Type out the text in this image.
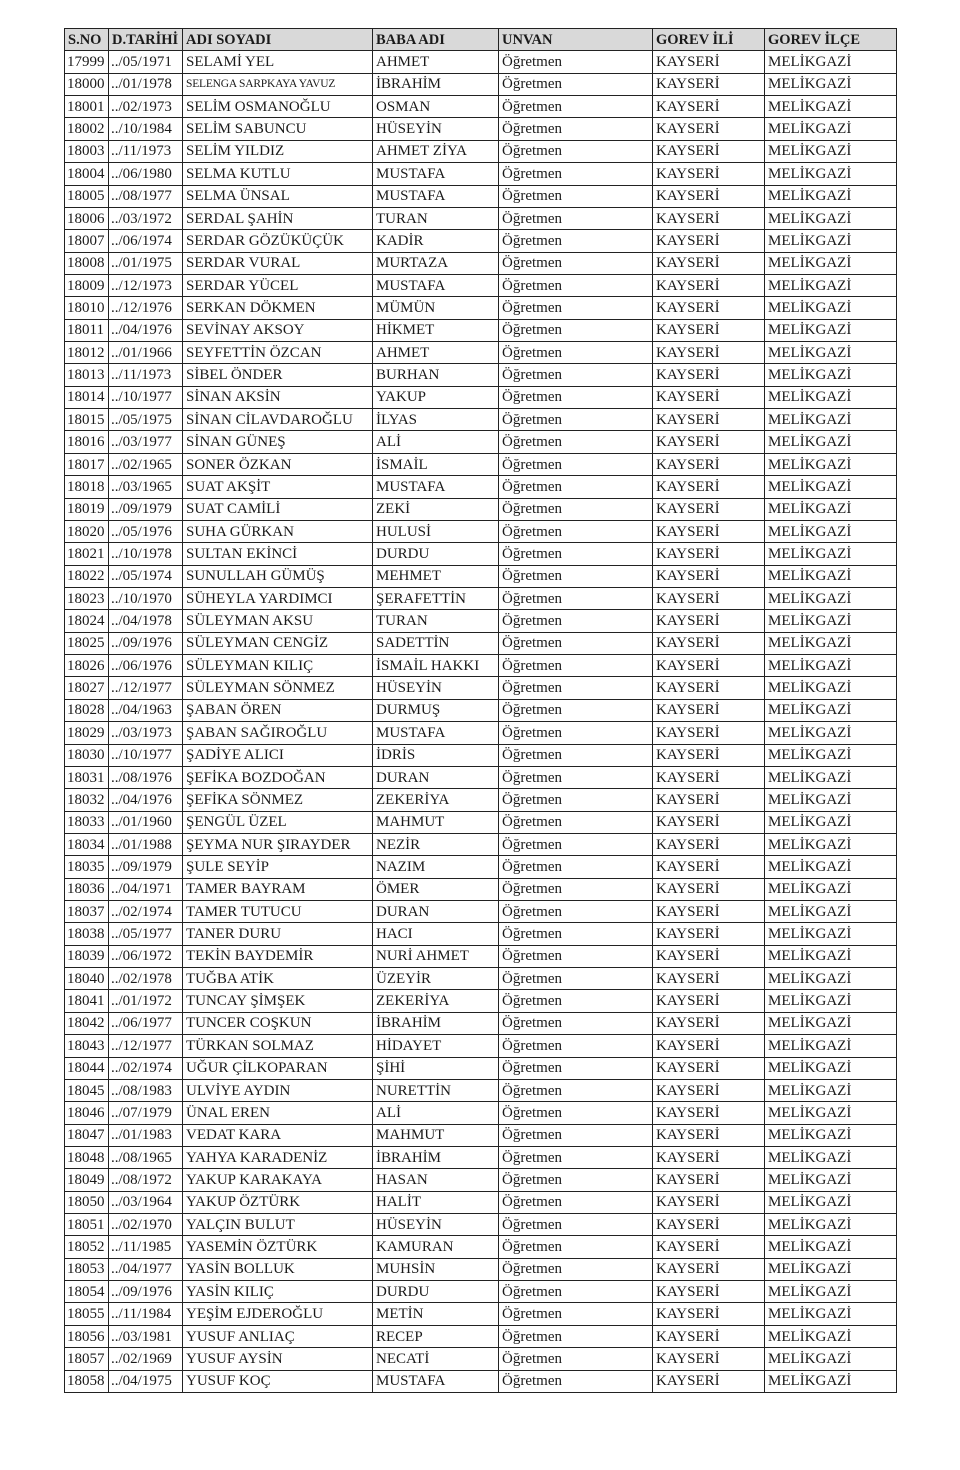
S.NO	D.TARİHİ	ADI SOYADI	BABA ADI	UNVAN	GOREV İLİ	GOREV İLÇE
17999	../05/1971	SELAMİ YEL	AHMET	Öğretmen	KAYSERİ	MELİKGAZİ
18000	../01/1978	SELENGA SARPKAYA YAVUZ	İBRAHİM	Öğretmen	KAYSERİ	MELİKGAZİ
18001	../02/1973	SELİM OSMANOĞLU	OSMAN	Öğretmen	KAYSERİ	MELİKGAZİ
18002	../10/1984	SELİM SABUNCU	HÜSEYİN	Öğretmen	KAYSERİ	MELİKGAZİ
18003	../11/1973	SELİM YILDIZ	AHMET ZİYA	Öğretmen	KAYSERİ	MELİKGAZİ
18004	../06/1980	SELMA KUTLU	MUSTAFA	Öğretmen	KAYSERİ	MELİKGAZİ
18005	../08/1977	SELMA ÜNSAL	MUSTAFA	Öğretmen	KAYSERİ	MELİKGAZİ
18006	../03/1972	SERDAL ŞAHİN	TURAN	Öğretmen	KAYSERİ	MELİKGAZİ
18007	../06/1974	SERDAR GÖZÜKÜÇÜK	KADİR	Öğretmen	KAYSERİ	MELİKGAZİ
18008	../01/1975	SERDAR VURAL	MURTAZA	Öğretmen	KAYSERİ	MELİKGAZİ
18009	../12/1973	SERDAR YÜCEL	MUSTAFA	Öğretmen	KAYSERİ	MELİKGAZİ
18010	../12/1976	SERKAN DÖKMEN	MÜMÜN	Öğretmen	KAYSERİ	MELİKGAZİ
18011	../04/1976	SEVİNAY AKSOY	HİKMET	Öğretmen	KAYSERİ	MELİKGAZİ
18012	../01/1966	SEYFETTİN ÖZCAN	AHMET	Öğretmen	KAYSERİ	MELİKGAZİ
18013	../11/1973	SİBEL ÖNDER	BURHAN	Öğretmen	KAYSERİ	MELİKGAZİ
18014	../10/1977	SİNAN AKSİN	YAKUP	Öğretmen	KAYSERİ	MELİKGAZİ
18015	../05/1975	SİNAN CİLAVDAROĞLU	İLYAS	Öğretmen	KAYSERİ	MELİKGAZİ
18016	../03/1977	SİNAN GÜNEŞ	ALİ	Öğretmen	KAYSERİ	MELİKGAZİ
18017	../02/1965	SONER ÖZKAN	İSMAİL	Öğretmen	KAYSERİ	MELİKGAZİ
18018	../03/1965	SUAT AKŞİT	MUSTAFA	Öğretmen	KAYSERİ	MELİKGAZİ
18019	../09/1979	SUAT CAMİLİ	ZEKİ	Öğretmen	KAYSERİ	MELİKGAZİ
18020	../05/1976	SUHA GÜRKAN	HULUSİ	Öğretmen	KAYSERİ	MELİKGAZİ
18021	../10/1978	SULTAN EKİNCİ	DURDU	Öğretmen	KAYSERİ	MELİKGAZİ
18022	../05/1974	SUNULLAH GÜMÜŞ	MEHMET	Öğretmen	KAYSERİ	MELİKGAZİ
18023	../10/1970	SÜHEYLA YARDIMCI	ŞERAFETTİN	Öğretmen	KAYSERİ	MELİKGAZİ
18024	../04/1978	SÜLEYMAN AKSU	TURAN	Öğretmen	KAYSERİ	MELİKGAZİ
18025	../09/1976	SÜLEYMAN CENGİZ	SADETTİN	Öğretmen	KAYSERİ	MELİKGAZİ
18026	../06/1976	SÜLEYMAN KILIÇ	İSMAİL HAKKI	Öğretmen	KAYSERİ	MELİKGAZİ
18027	../12/1977	SÜLEYMAN SÖNMEZ	HÜSEYİN	Öğretmen	KAYSERİ	MELİKGAZİ
18028	../04/1963	ŞABAN ÖREN	DURMUŞ	Öğretmen	KAYSERİ	MELİKGAZİ
18029	../03/1973	ŞABAN SAĞIROĞLU	MUSTAFA	Öğretmen	KAYSERİ	MELİKGAZİ
18030	../10/1977	ŞADİYE ALICI	İDRİS	Öğretmen	KAYSERİ	MELİKGAZİ
18031	../08/1976	ŞEFİKA BOZDOĞAN	DURAN	Öğretmen	KAYSERİ	MELİKGAZİ
18032	../04/1976	ŞEFİKA SÖNMEZ	ZEKERİYA	Öğretmen	KAYSERİ	MELİKGAZİ
18033	../01/1960	ŞENGÜL ÜZEL	MAHMUT	Öğretmen	KAYSERİ	MELİKGAZİ
18034	../01/1988	ŞEYMA NUR ŞIRAYDER	NEZİR	Öğretmen	KAYSERİ	MELİKGAZİ
18035	../09/1979	ŞULE SEYİP	NAZIM	Öğretmen	KAYSERİ	MELİKGAZİ
18036	../04/1971	TAMER BAYRAM	ÖMER	Öğretmen	KAYSERİ	MELİKGAZİ
18037	../02/1974	TAMER TUTUCU	DURAN	Öğretmen	KAYSERİ	MELİKGAZİ
18038	../05/1977	TANER DURU	HACI	Öğretmen	KAYSERİ	MELİKGAZİ
18039	../06/1972	TEKİN BAYDEMİR	NURİ AHMET	Öğretmen	KAYSERİ	MELİKGAZİ
18040	../02/1978	TUĞBA ATİK	ÜZEYİR	Öğretmen	KAYSERİ	MELİKGAZİ
18041	../01/1972	TUNCAY ŞİMŞEK	ZEKERİYA	Öğretmen	KAYSERİ	MELİKGAZİ
18042	../06/1977	TUNCER COŞKUN	İBRAHİM	Öğretmen	KAYSERİ	MELİKGAZİ
18043	../12/1977	TÜRKAN SOLMAZ	HİDAYET	Öğretmen	KAYSERİ	MELİKGAZİ
18044	../02/1974	UĞUR ÇİLKOPARAN	ŞİHİ	Öğretmen	KAYSERİ	MELİKGAZİ
18045	../08/1983	ULVİYE AYDIN	NURETTİN	Öğretmen	KAYSERİ	MELİKGAZİ
18046	../07/1979	ÜNAL EREN	ALİ	Öğretmen	KAYSERİ	MELİKGAZİ
18047	../01/1983	VEDAT KARA	MAHMUT	Öğretmen	KAYSERİ	MELİKGAZİ
18048	../08/1965	YAHYA KARADENİZ	İBRAHİM	Öğretmen	KAYSERİ	MELİKGAZİ
18049	../08/1972	YAKUP KARAKAYA	HASAN	Öğretmen	KAYSERİ	MELİKGAZİ
18050	../03/1964	YAKUP ÖZTÜRK	HALİT	Öğretmen	KAYSERİ	MELİKGAZİ
18051	../02/1970	YALÇIN BULUT	HÜSEYİN	Öğretmen	KAYSERİ	MELİKGAZİ
18052	../11/1985	YASEMİN ÖZTÜRK	KAMURAN	Öğretmen	KAYSERİ	MELİKGAZİ
18053	../04/1977	YASİN BOLLUK	MUHSİN	Öğretmen	KAYSERİ	MELİKGAZİ
18054	../09/1976	YASİN KILIÇ	DURDU	Öğretmen	KAYSERİ	MELİKGAZİ
18055	../11/1984	YEŞİM EJDEROĞLU	METİN	Öğretmen	KAYSERİ	MELİKGAZİ
18056	../03/1981	YUSUF ANLIAÇ	RECEP	Öğretmen	KAYSERİ	MELİKGAZİ
18057	../02/1969	YUSUF AYSİN	NECATİ	Öğretmen	KAYSERİ	MELİKGAZİ
18058	../04/1975	YUSUF KOÇ	MUSTAFA	Öğretmen	KAYSERİ	MELİKGAZİ
